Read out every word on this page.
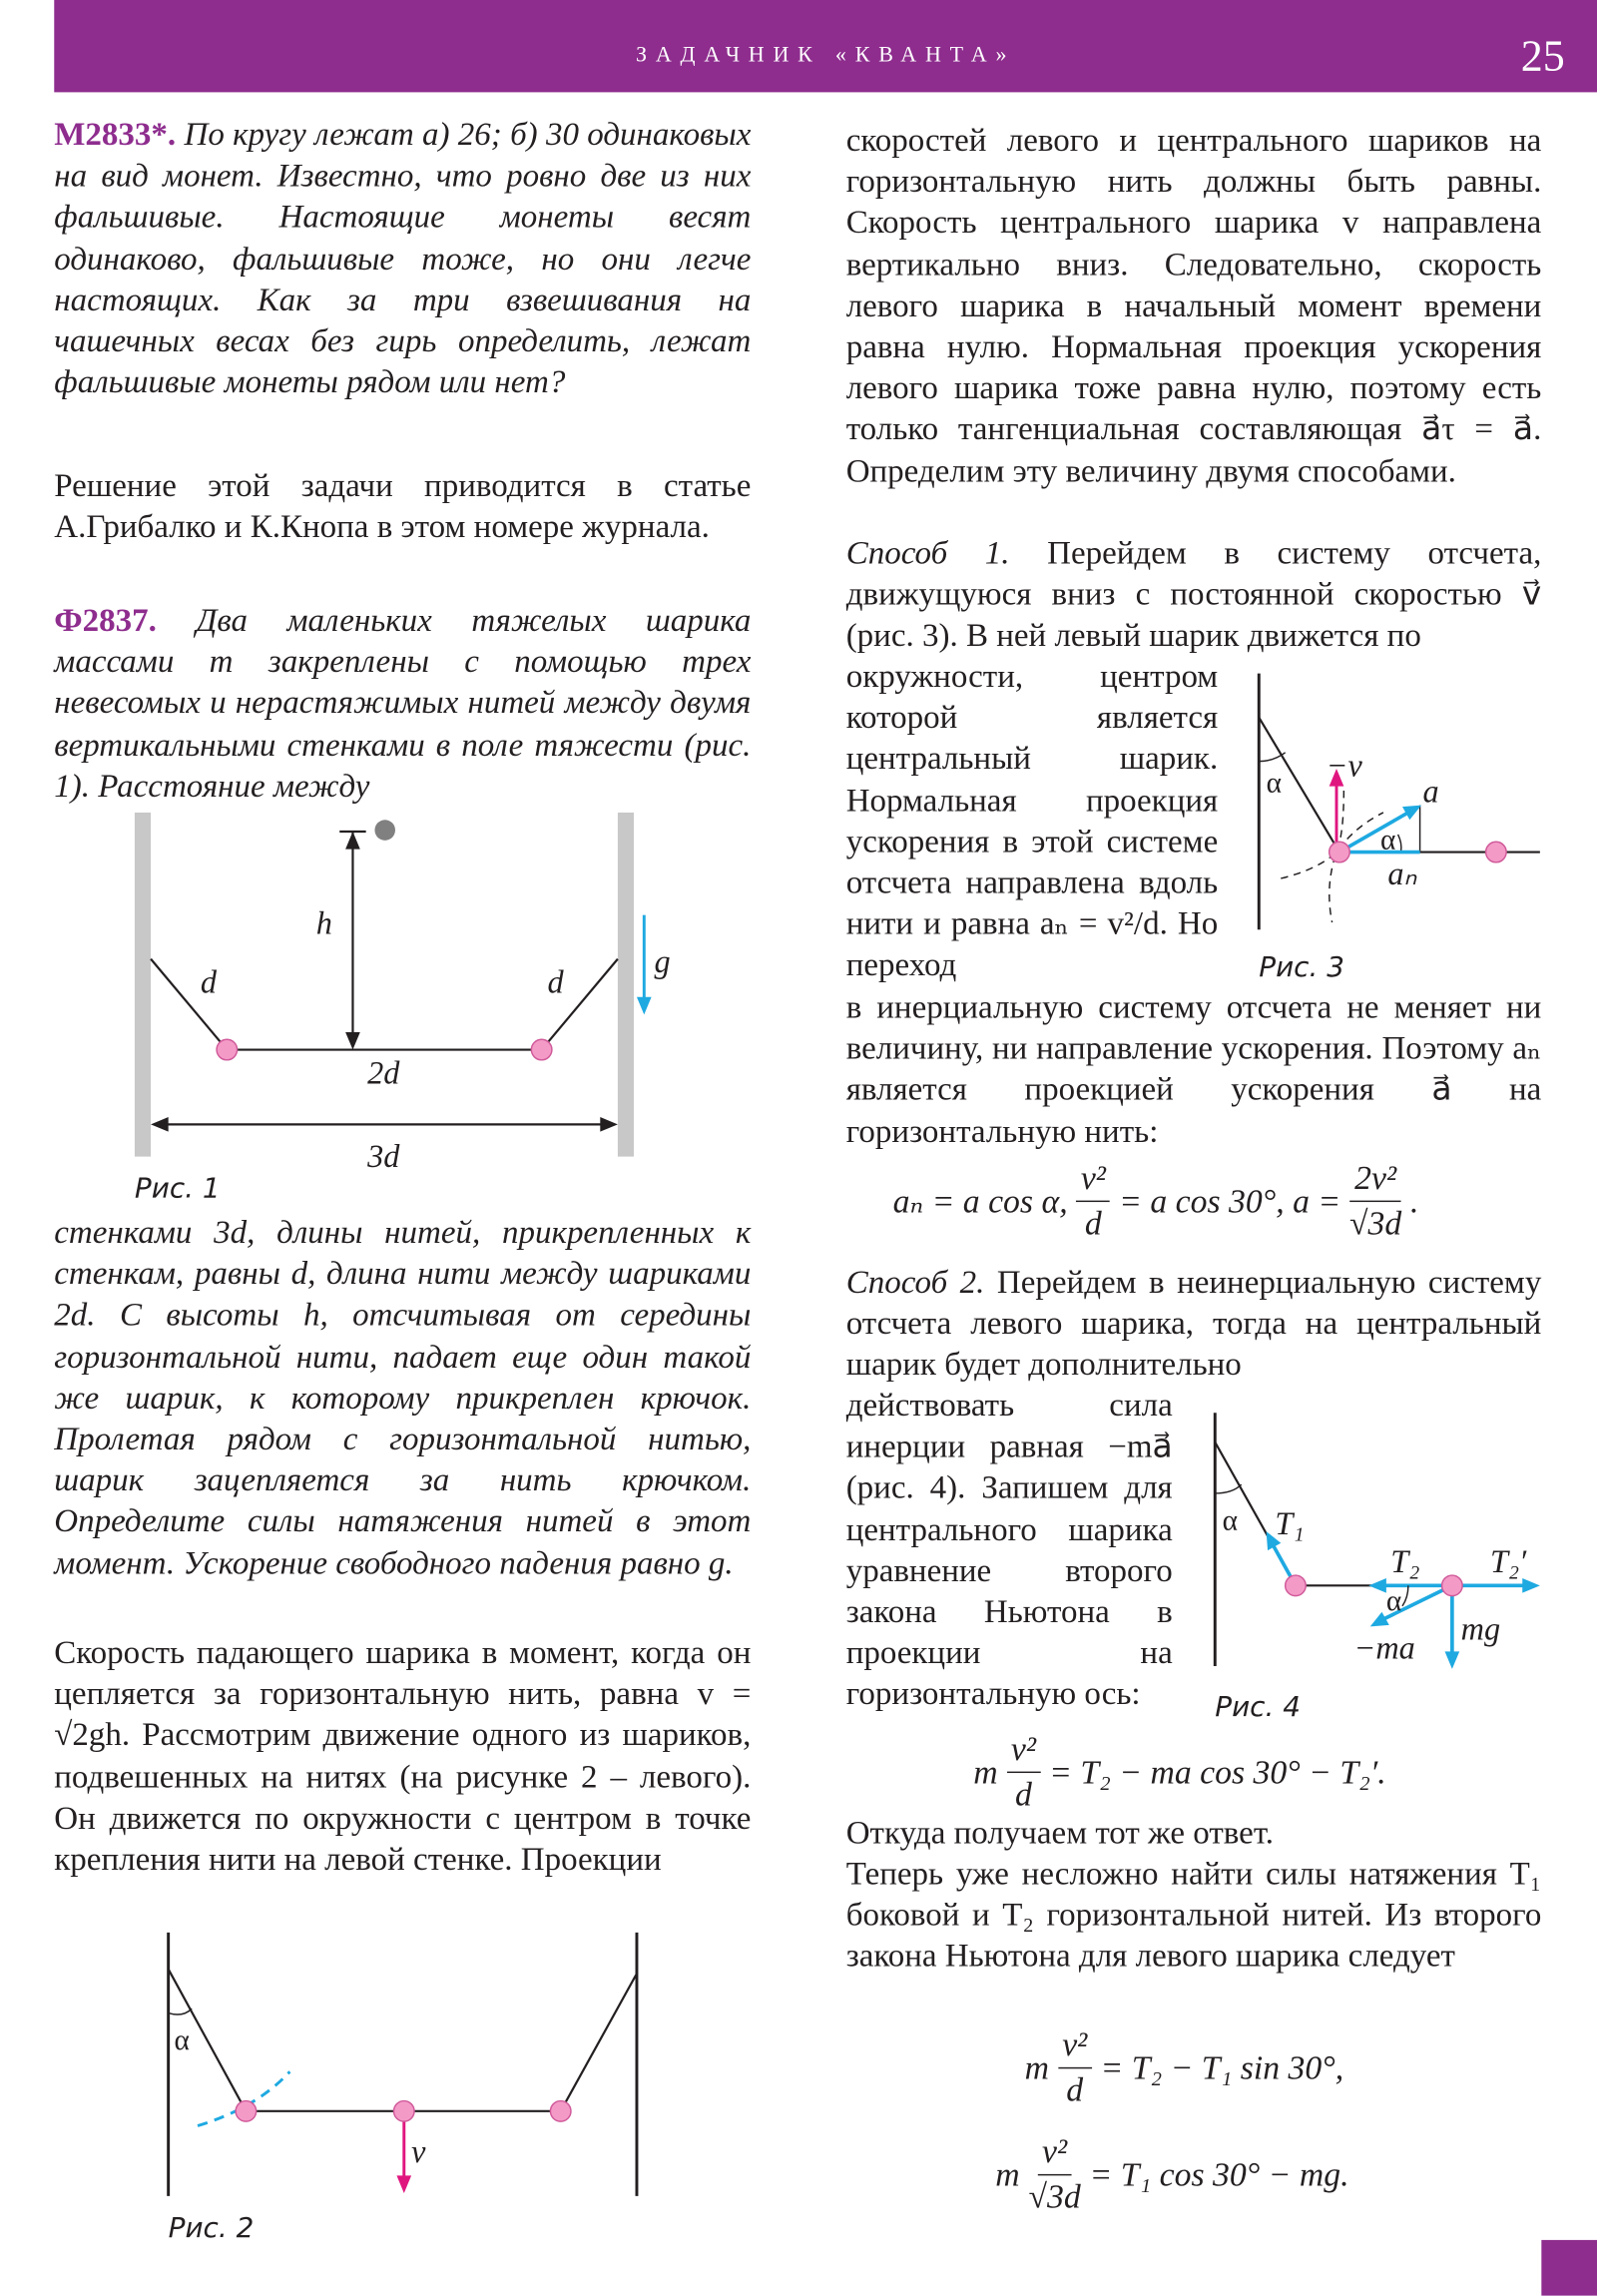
ЗАДАЧНИК «КВАНТА»	25
М2833*. По кругу лежат а) 26; б) 30 одинаковых на вид монет. Известно, что ровно две из них фальшивые. Настоящие монеты весят одинаково, фальшивые тоже, но они легче настоящих. Как за три взвешивания на чашечных весах без гирь определить, лежат фальшивые монеты рядом или нет?
Решение этой задачи приводится в статье А.Грибалко и К.Кнопа в этом номере журнала.
Ф2837. Два маленьких тяжелых шарика массами m закреплены с помощью трех невесомых и нерастяжимых нитей между двумя вертикальными стенками в поле тяжести (рис. 1). Расстояние между
h
d	d
2d
3d
g
Рис. 1
стенками 3d, длины нитей, прикрепленных к стенкам, равны d, длина нити между шариками 2d. С высоты h, отсчитывая от середины горизонтальной нити, падает еще один такой же шарик, к которому прикреплен крючок. Пролетая рядом с горизонтальной нитью, шарик зацепляется за нить крючком. Определите силы натяжения нитей в этот момент. Ускорение свободного падения равно g.
Скорость падающего шарика в момент, когда он цепляется за горизонтальную нить, равна v = √2gh. Рассмотрим движение одного из шариков, подвешенных на нитях (на рисунке 2 – левого). Он движется по окружности с центром в точке крепления нити на левой стенке. Проекции
α
v
Рис. 2
скоростей левого и центрального шариков на горизонтальную нить должны быть равны. Скорость центрального шарика v направлена вертикально вниз. Следовательно, скорость левого шарика в начальный момент времени равна нулю. Нормальная проекция ускорения левого шарика тоже равна нулю, поэтому есть только тангенциальная составляющая a⃗τ = a⃗. Определим эту величину двумя способами.
Способ 1. Перейдем в систему отсчета, движущуюся вниз с постоянной скоростью v⃗ (рис. 3). В ней левый шарик движется по
окружности, центром которой является центральный шарик. Нормальная проекция ускорения в этой системе отсчета направлена вдоль нити и равна aₙ = v²/d. Но переход
α
α
−v
a
aₙ
Рис. 3
в инерциальную систему отсчета не меняет ни величину, ни направление ускорения. Поэтому aₙ является проекцией ускорения a⃗ на горизонтальную нить:
aₙ = a cos α, $\frac{\text{v²}}{d} = a$ cos 30°, $a = \frac{\text{2v²}}{√3d}$ .
Способ 2. Перейдем в неинерциальную систему отсчета левого шарика, тогда на центральный шарик будет дополнительно
действовать сила инерции равная −ma⃗ (рис. 4). Запишем для центрального шарика уравнение второго закона Ньютона в проекции на горизонтальную ось:
α
α
T₁
T₂	T₂′
mg
−ma
Рис. 4
m $\frac{\text{v²}}{d} = T_2$ − ma cos 30° − T₂′.
Откуда получаем тот же ответ.
Теперь уже несложно найти силы натяжения T₁ боковой и T₂ горизонтальной нитей. Из второго закона Ньютона для левого шарика следует
m $\frac{\text{v²}}{d} = T_2 - T_1$ sin 30°,
m $\frac{\text{v²}}{√3d} = T_1$ cos 30° − mg.
